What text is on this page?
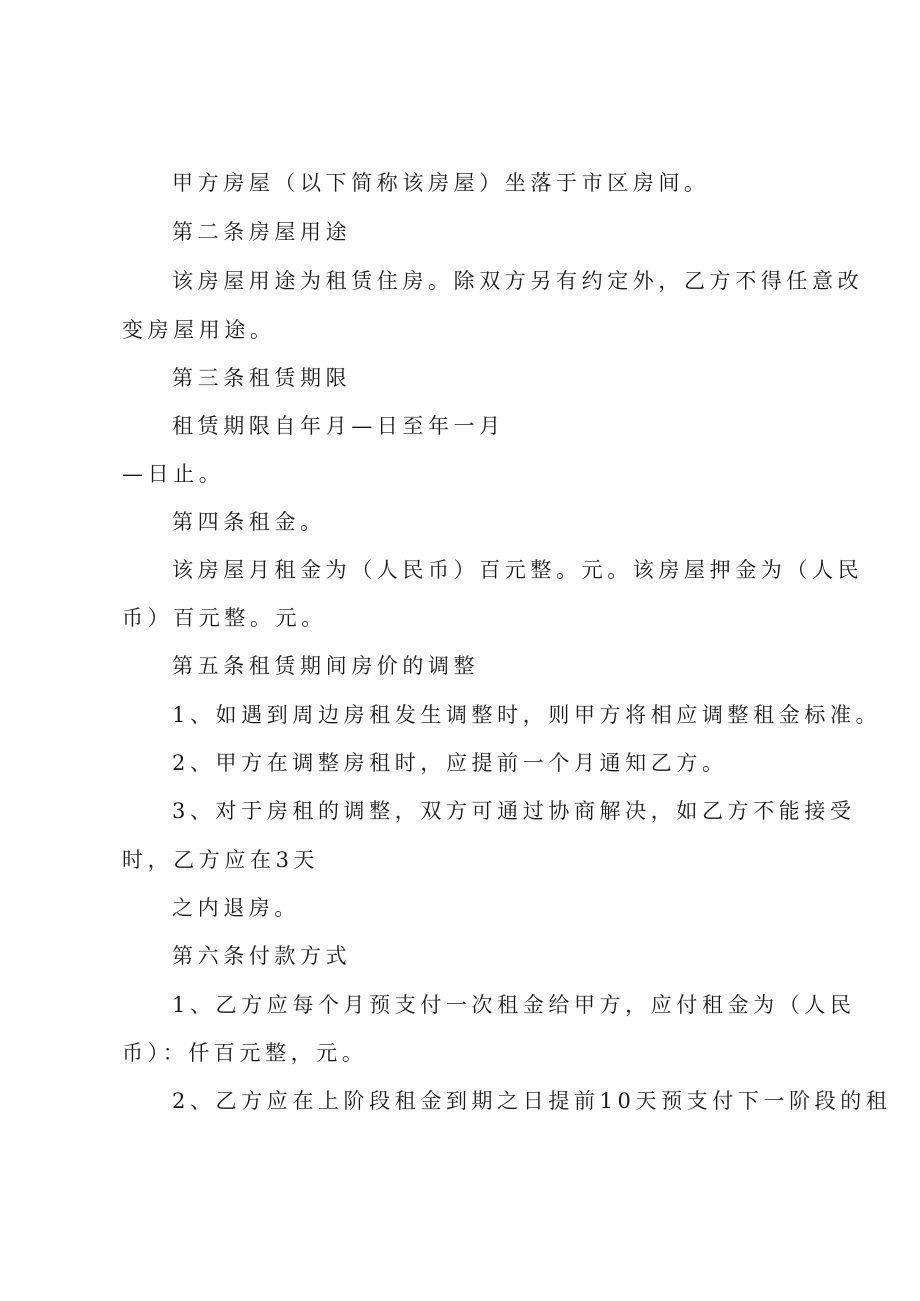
甲方房屋（以下简称该房屋）坐落于市区房间。
第二条房屋用途
该房屋用途为租赁住房。除双方另有约定外，乙方不得任意改
变房屋用途。
第三条租赁期限
租赁期限自年月—日至年一月
—日止。
第四条租金。
该房屋月租金为（人民币）百元整。元。该房屋押金为（人民
币）百元整。元。
第五条租赁期间房价的调整
1、如遇到周边房租发生调整时，则甲方将相应调整租金标准。
2、甲方在调整房租时，应提前一个月通知乙方。
3、对于房租的调整，双方可通过协商解决，如乙方不能接受
时，乙方应在3天
之内退房。
第六条付款方式
1、乙方应每个月预支付一次租金给甲方，应付租金为（人民
币）：仟百元整，元。
2、乙方应在上阶段租金到期之日提前10天预支付下一阶段的租
